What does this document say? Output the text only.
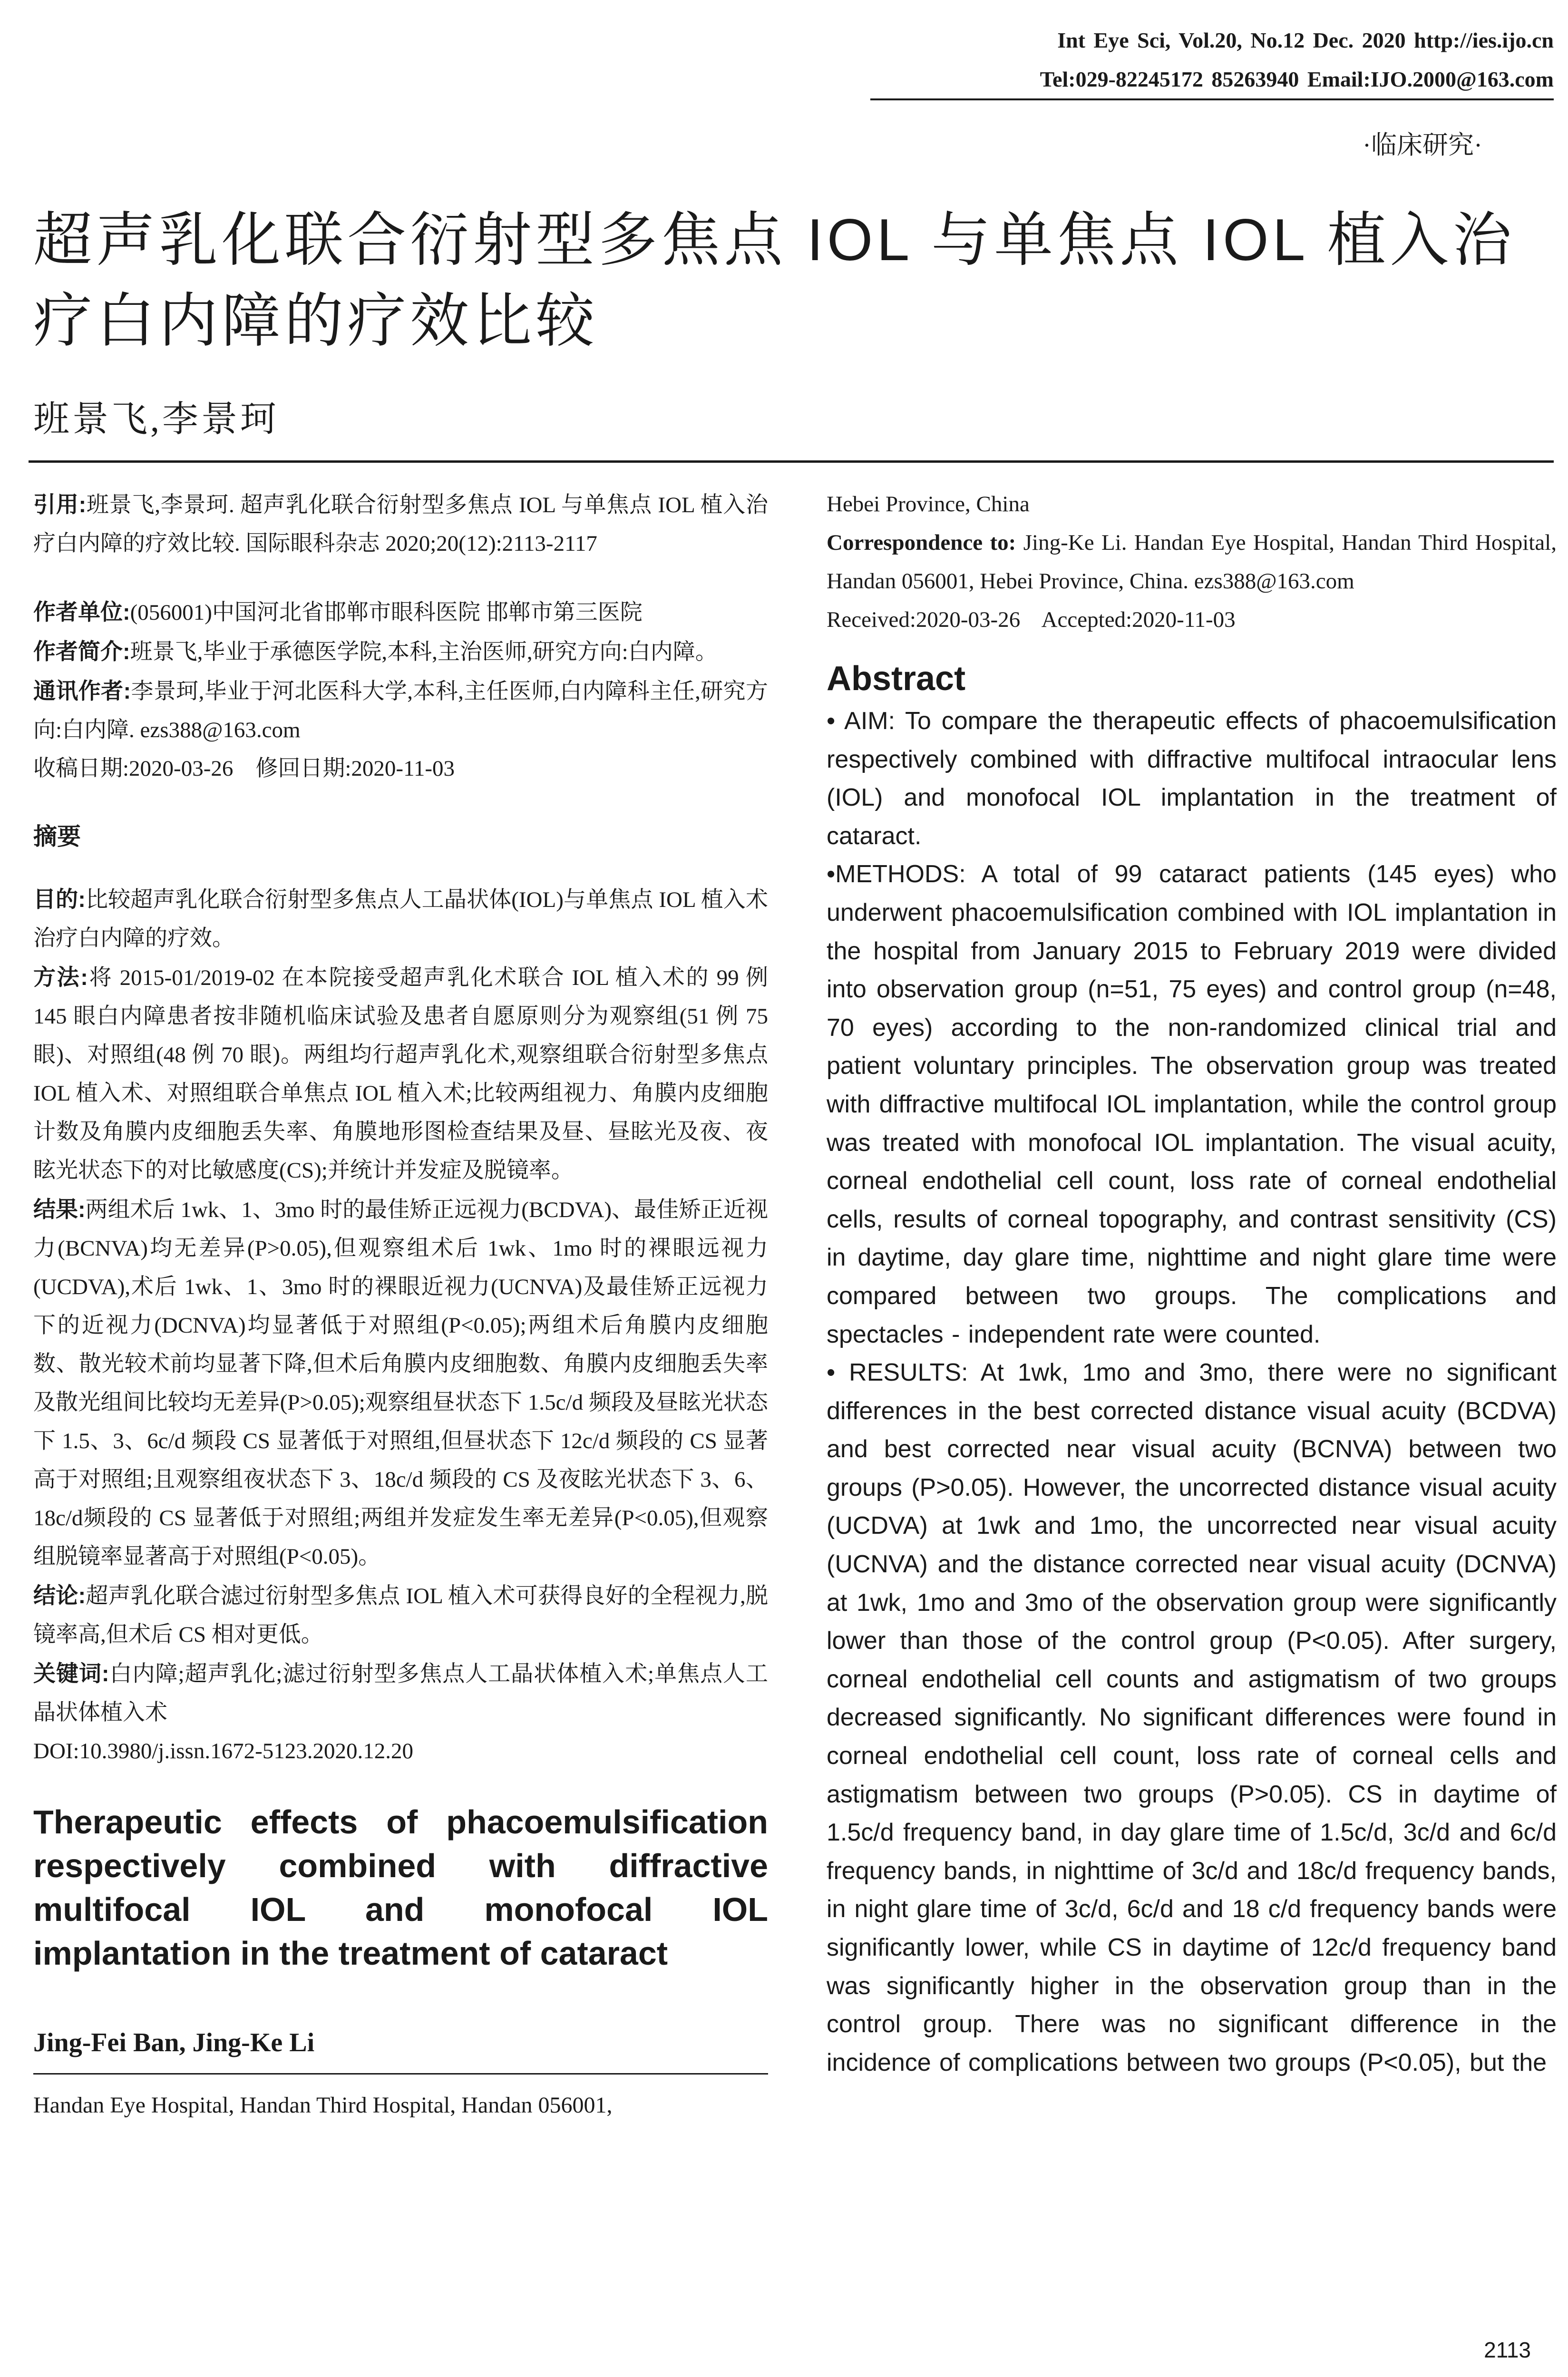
Int Eye Sci, Vol.20, No.12 Dec. 2020 http://ies.ijo.cn
Tel:029-82245172 85263940 Email:IJO.2000@163.com
·临床研究·
超声乳化联合衍射型多焦点 IOL 与单焦点 IOL 植入治疗白内障的疗效比较
班景飞,李景珂

引用:班景飞,李景珂. 超声乳化联合衍射型多焦点 IOL 与单焦点 IOL 植入治疗白内障的疗效比较. 国际眼科杂志 2020;20(12):2113-2117

作者单位:(056001)中国河北省邯郸市眼科医院 邯郸市第三医院

作者简介:班景飞,毕业于承德医学院,本科,主治医师,研究方向:白内障。

通讯作者:李景珂,毕业于河北医科大学,本科,主任医师,白内障科主任,研究方向:白内障. ezs388@163.com

收稿日期:2020-03-26    修回日期:2020-11-03

摘要

目的:比较超声乳化联合衍射型多焦点人工晶状体(IOL)与单焦点 IOL 植入术治疗白内障的疗效。

方法:将 2015-01/2019-02 在本院接受超声乳化术联合 IOL 植入术的 99 例 145 眼白内障患者按非随机临床试验及患者自愿原则分为观察组(51 例 75 眼)、对照组(48 例 70 眼)。两组均行超声乳化术,观察组联合衍射型多焦点 IOL 植入术、对照组联合单焦点 IOL 植入术;比较两组视力、角膜内皮细胞计数及角膜内皮细胞丢失率、角膜地形图检查结果及昼、昼眩光及夜、夜眩光状态下的对比敏感度(CS);并统计并发症及脱镜率。

结果:两组术后 1wk、1、3mo 时的最佳矫正远视力(BCDVA)、最佳矫正近视力(BCNVA)均无差异(P>0.05),但观察组术后 1wk、1mo 时的裸眼远视力(UCDVA),术后 1wk、1、3mo 时的裸眼近视力(UCNVA)及最佳矫正远视力下的近视力(DCNVA)均显著低于对照组(P<0.05);两组术后角膜内皮细胞数、散光较术前均显著下降,但术后角膜内皮细胞数、角膜内皮细胞丢失率及散光组间比较均无差异(P>0.05);观察组昼状态下 1.5c/d 频段及昼眩光状态下 1.5、3、6c/d 频段 CS 显著低于对照组,但昼状态下 12c/d 频段的 CS 显著高于对照组;且观察组夜状态下 3、18c/d 频段的 CS 及夜眩光状态下 3、6、18c/d频段的 CS 显著低于对照组;两组并发症发生率无差异(P<0.05),但观察组脱镜率显著高于对照组(P<0.05)。

结论:超声乳化联合滤过衍射型多焦点 IOL 植入术可获得良好的全程视力,脱镜率高,但术后 CS 相对更低。

关键词:白内障;超声乳化;滤过衍射型多焦点人工晶状体植入术;单焦点人工晶状体植入术

DOI:10.3980/j.issn.1672-5123.2020.12.20

Therapeutic effects of phacoemulsification respectively combined with diffractive multifocal IOL and monofocal IOL implantation in the treatment of cataract

Jing-Fei Ban, Jing-Ke Li

Handan Eye Hospital, Handan Third Hospital, Handan 056001,

Hebei Province, China

Correspondence to: Jing-Ke Li. Handan Eye Hospital, Handan Third Hospital, Handan 056001, Hebei Province, China. ezs388@163.com

Received:2020-03-26    Accepted:2020-11-03

Abstract

• AIM: To compare the therapeutic effects of phacoemulsification respectively combined with diffractive multifocal intraocular lens (IOL) and monofocal IOL implantation in the treatment of cataract.

•METHODS: A total of 99 cataract patients (145 eyes) who underwent phacoemulsification combined with IOL implantation in the hospital from January 2015 to February 2019 were divided into observation group (n=51, 75 eyes) and control group (n=48, 70 eyes) according to the non-randomized clinical trial and patient voluntary principles. The observation group was treated with diffractive multifocal IOL implantation, while the control group was treated with monofocal IOL implantation. The visual acuity, corneal endothelial cell count, loss rate of corneal endothelial cells, results of corneal topography, and contrast sensitivity (CS) in daytime, day glare time, nighttime and night glare time were compared between two groups. The complications and spectacles - independent rate were counted.

• RESULTS: At 1wk, 1mo and 3mo, there were no significant differences in the best corrected distance visual acuity (BCDVA) and best corrected near visual acuity (BCNVA) between two groups (P>0.05). However, the uncorrected distance visual acuity (UCDVA) at 1wk and 1mo, the uncorrected near visual acuity (UCNVA) and the distance corrected near visual acuity (DCNVA) at 1wk, 1mo and 3mo of the observation group were significantly lower than those of the control group (P<0.05). After surgery, corneal endothelial cell counts and astigmatism of two groups decreased significantly. No significant differences were found in corneal endothelial cell count, loss rate of corneal cells and astigmatism between two groups (P>0.05). CS in daytime of 1.5c/d frequency band, in day glare time of 1.5c/d, 3c/d and 6c/d frequency bands, in nighttime of 3c/d and 18c/d frequency bands, in night glare time of 3c/d, 6c/d and 18 c/d frequency bands were significantly lower, while CS in daytime of 12c/d frequency band was significantly higher in the observation group than in the control group. There was no significant difference in the incidence of complications between two groups (P<0.05), but the

2113
